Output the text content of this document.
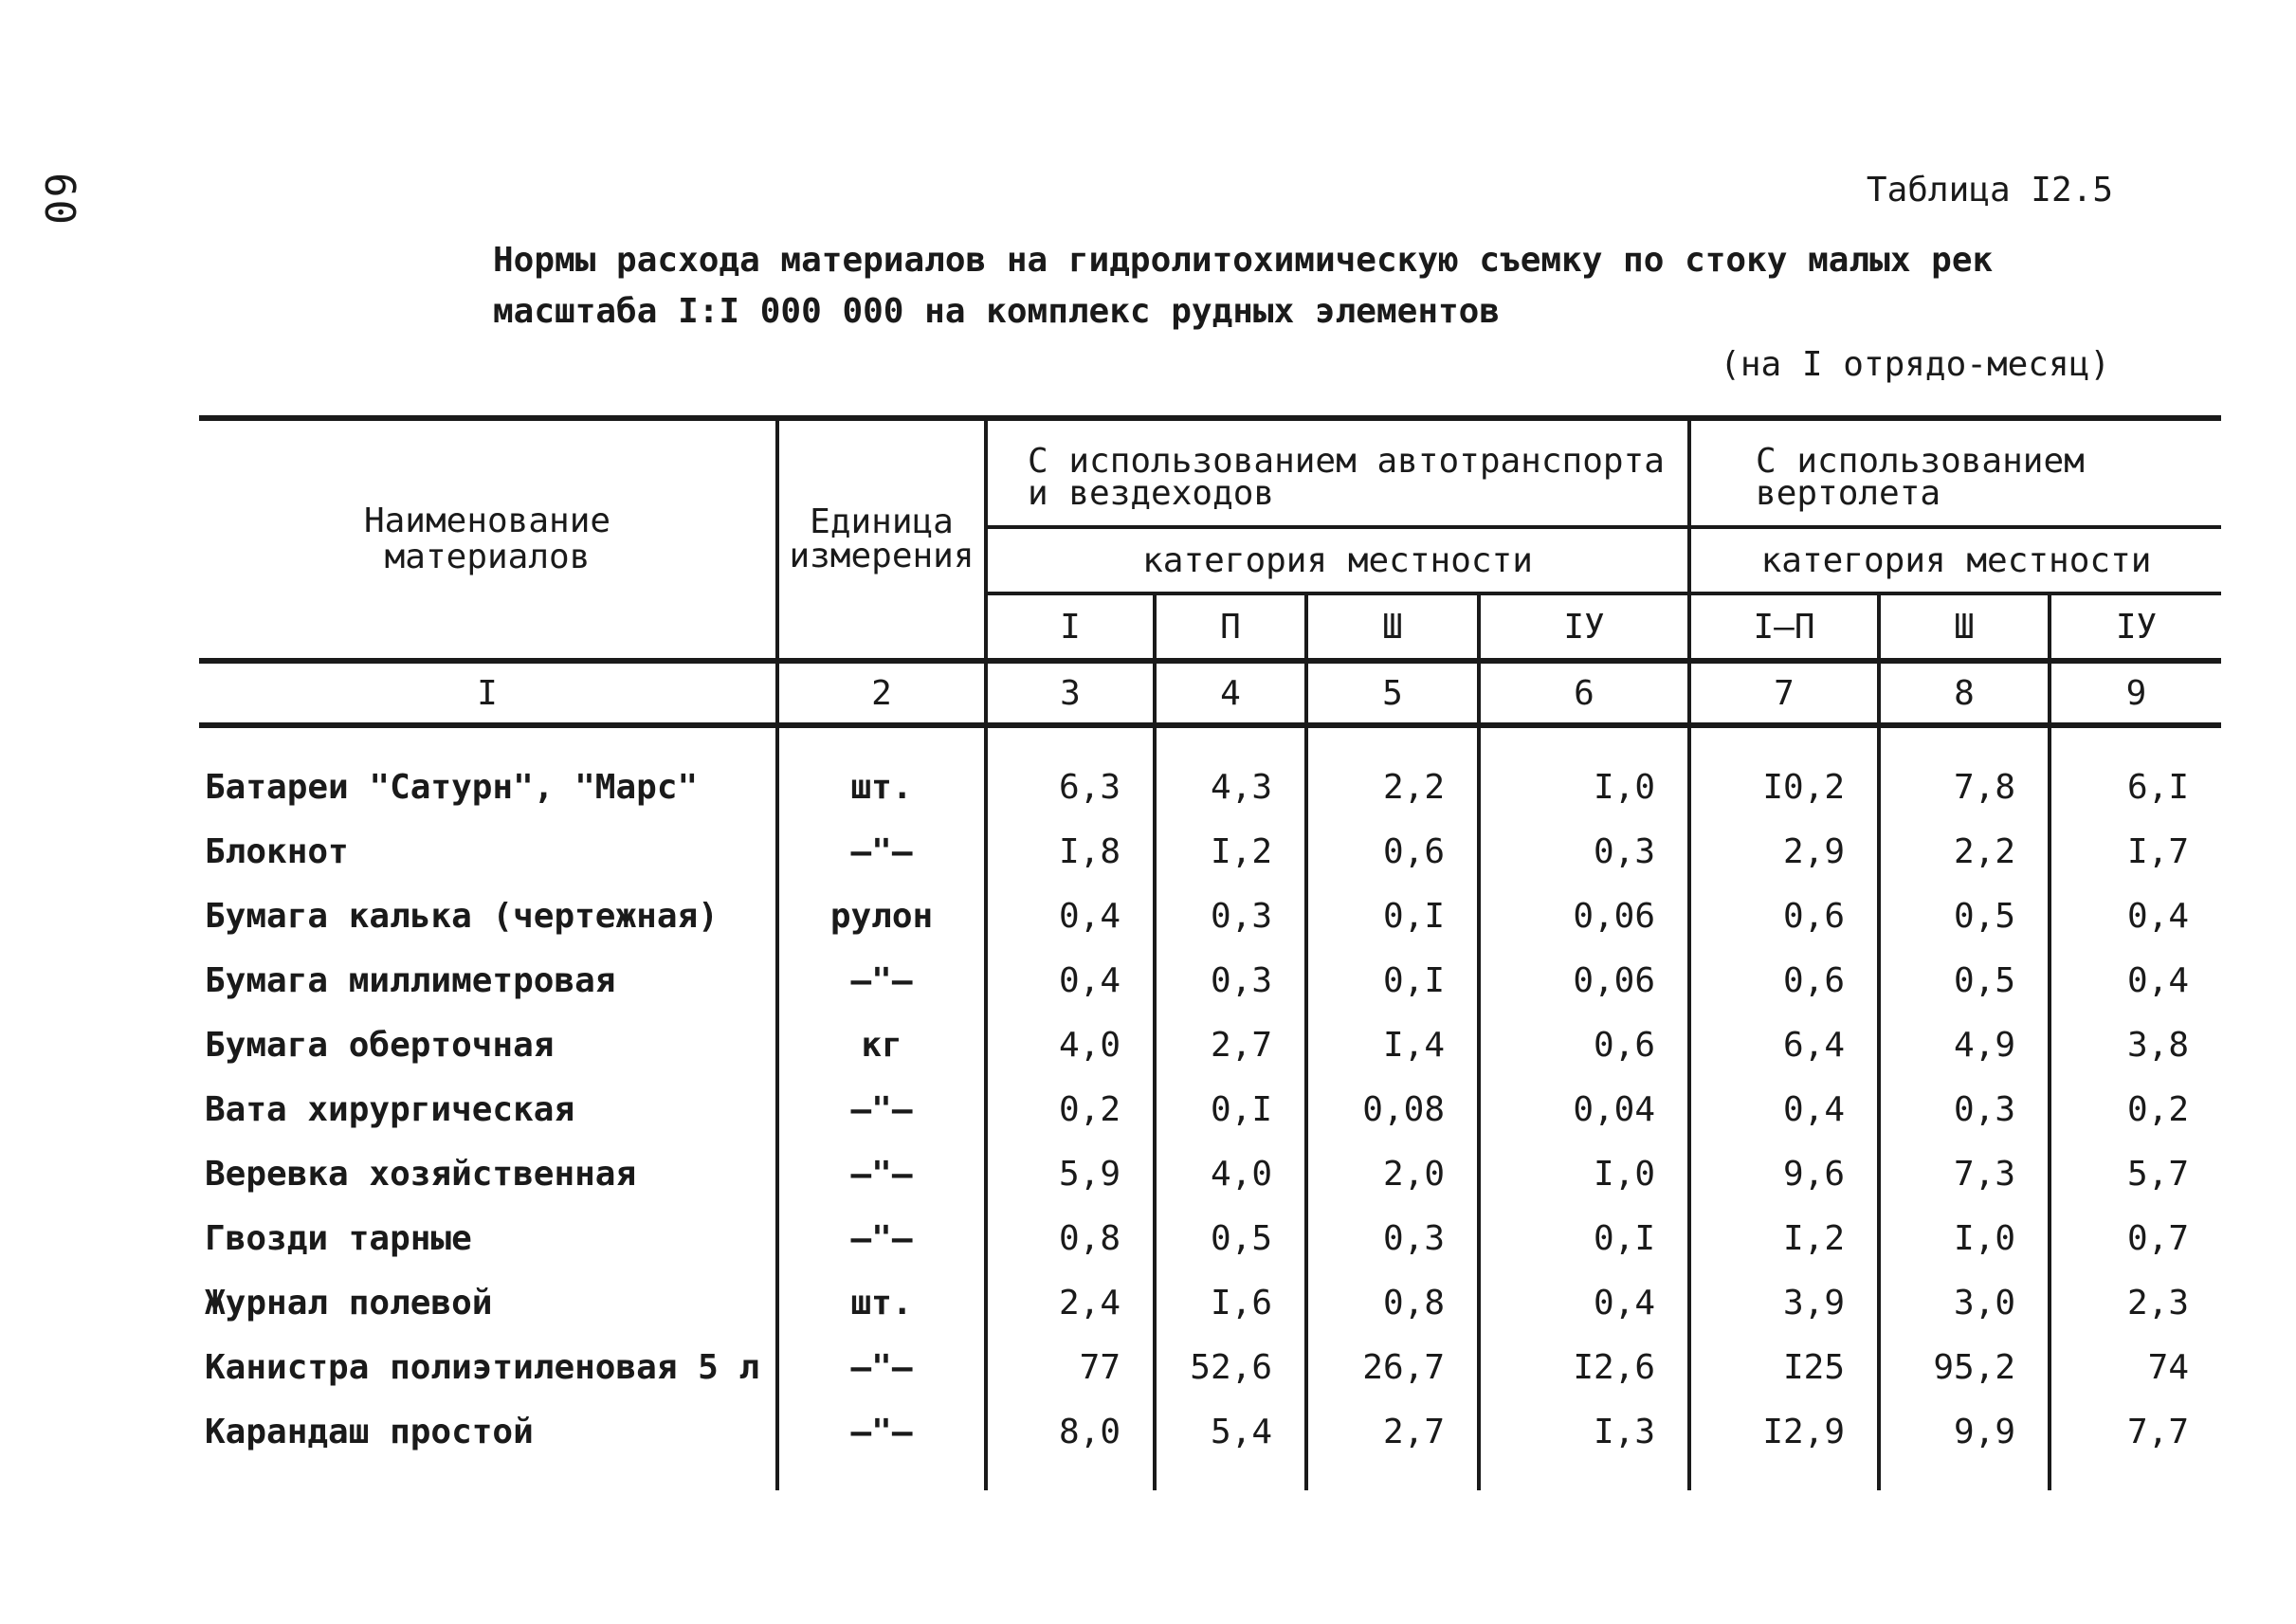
60	Таблица I2.5
Нормы расхода материалов на гидролитохимическую съемку по стоку малых рек
масштаба I:I 000 000 на комплекс рудных элементов
(на I отрядо-месяц)
Наименование
материалов	Единица
измерения	С использованием автотранспорта
и вездеходов				С использованием
вертолета		
		категория местности				категория местности		
		I	П	Ш	IУ	I–П	Ш	IУ
I	2	3	4	5	6	7	8	9
Батареи "Сатурн", "Марс"	шт.	6,3	4,3	2,2	I,0	I0,2	7,8	6,I
Блокнот	–"–	I,8	I,2	0,6	0,3	2,9	2,2	I,7
Бумага калька (чертежная)	рулон	0,4	0,3	0,I	0,06	0,6	0,5	0,4
Бумага миллиметровая	–"–	0,4	0,3	0,I	0,06	0,6	0,5	0,4
Бумага оберточная	кг	4,0	2,7	I,4	0,6	6,4	4,9	3,8
Вата хирургическая	–"–	0,2	0,I	0,08	0,04	0,4	0,3	0,2
Веревка хозяйственная	–"–	5,9	4,0	2,0	I,0	9,6	7,3	5,7
Гвозди тарные	–"–	0,8	0,5	0,3	0,I	I,2	I,0	0,7
Журнал полевой	шт.	2,4	I,6	0,8	0,4	3,9	3,0	2,3
Канистра полиэтиленовая 5 л	–"–	77	52,6	26,7	I2,6	I25	95,2	74
Карандаш простой	–"–	8,0	5,4	2,7	I,3	I2,9	9,9	7,7
